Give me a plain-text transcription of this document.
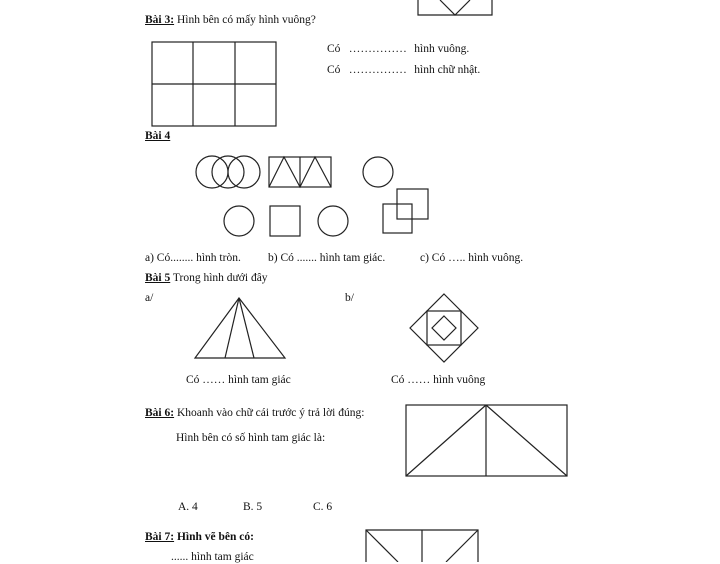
Bài 3: Hình bên có mấy hình vuông?
Có ............... hình vuông.
Có ............... hình chữ nhật.
Bài 4
a) Có........ hình tròn. b) Có ....... hình tam giác.	c) Có ….. hình vuông.
Bài 5 Trong hình dưới đây
a/	b/
Có …… hình tam giác	Có …… hình vuông
Bài 6: Khoanh vào chữ cái trước ý trả lời đúng:
Hình bên có số hình tam giác là:
A. 4	B. 5	C. 6
Bài 7: Hình vẽ bên có:
...... hình tam giác
